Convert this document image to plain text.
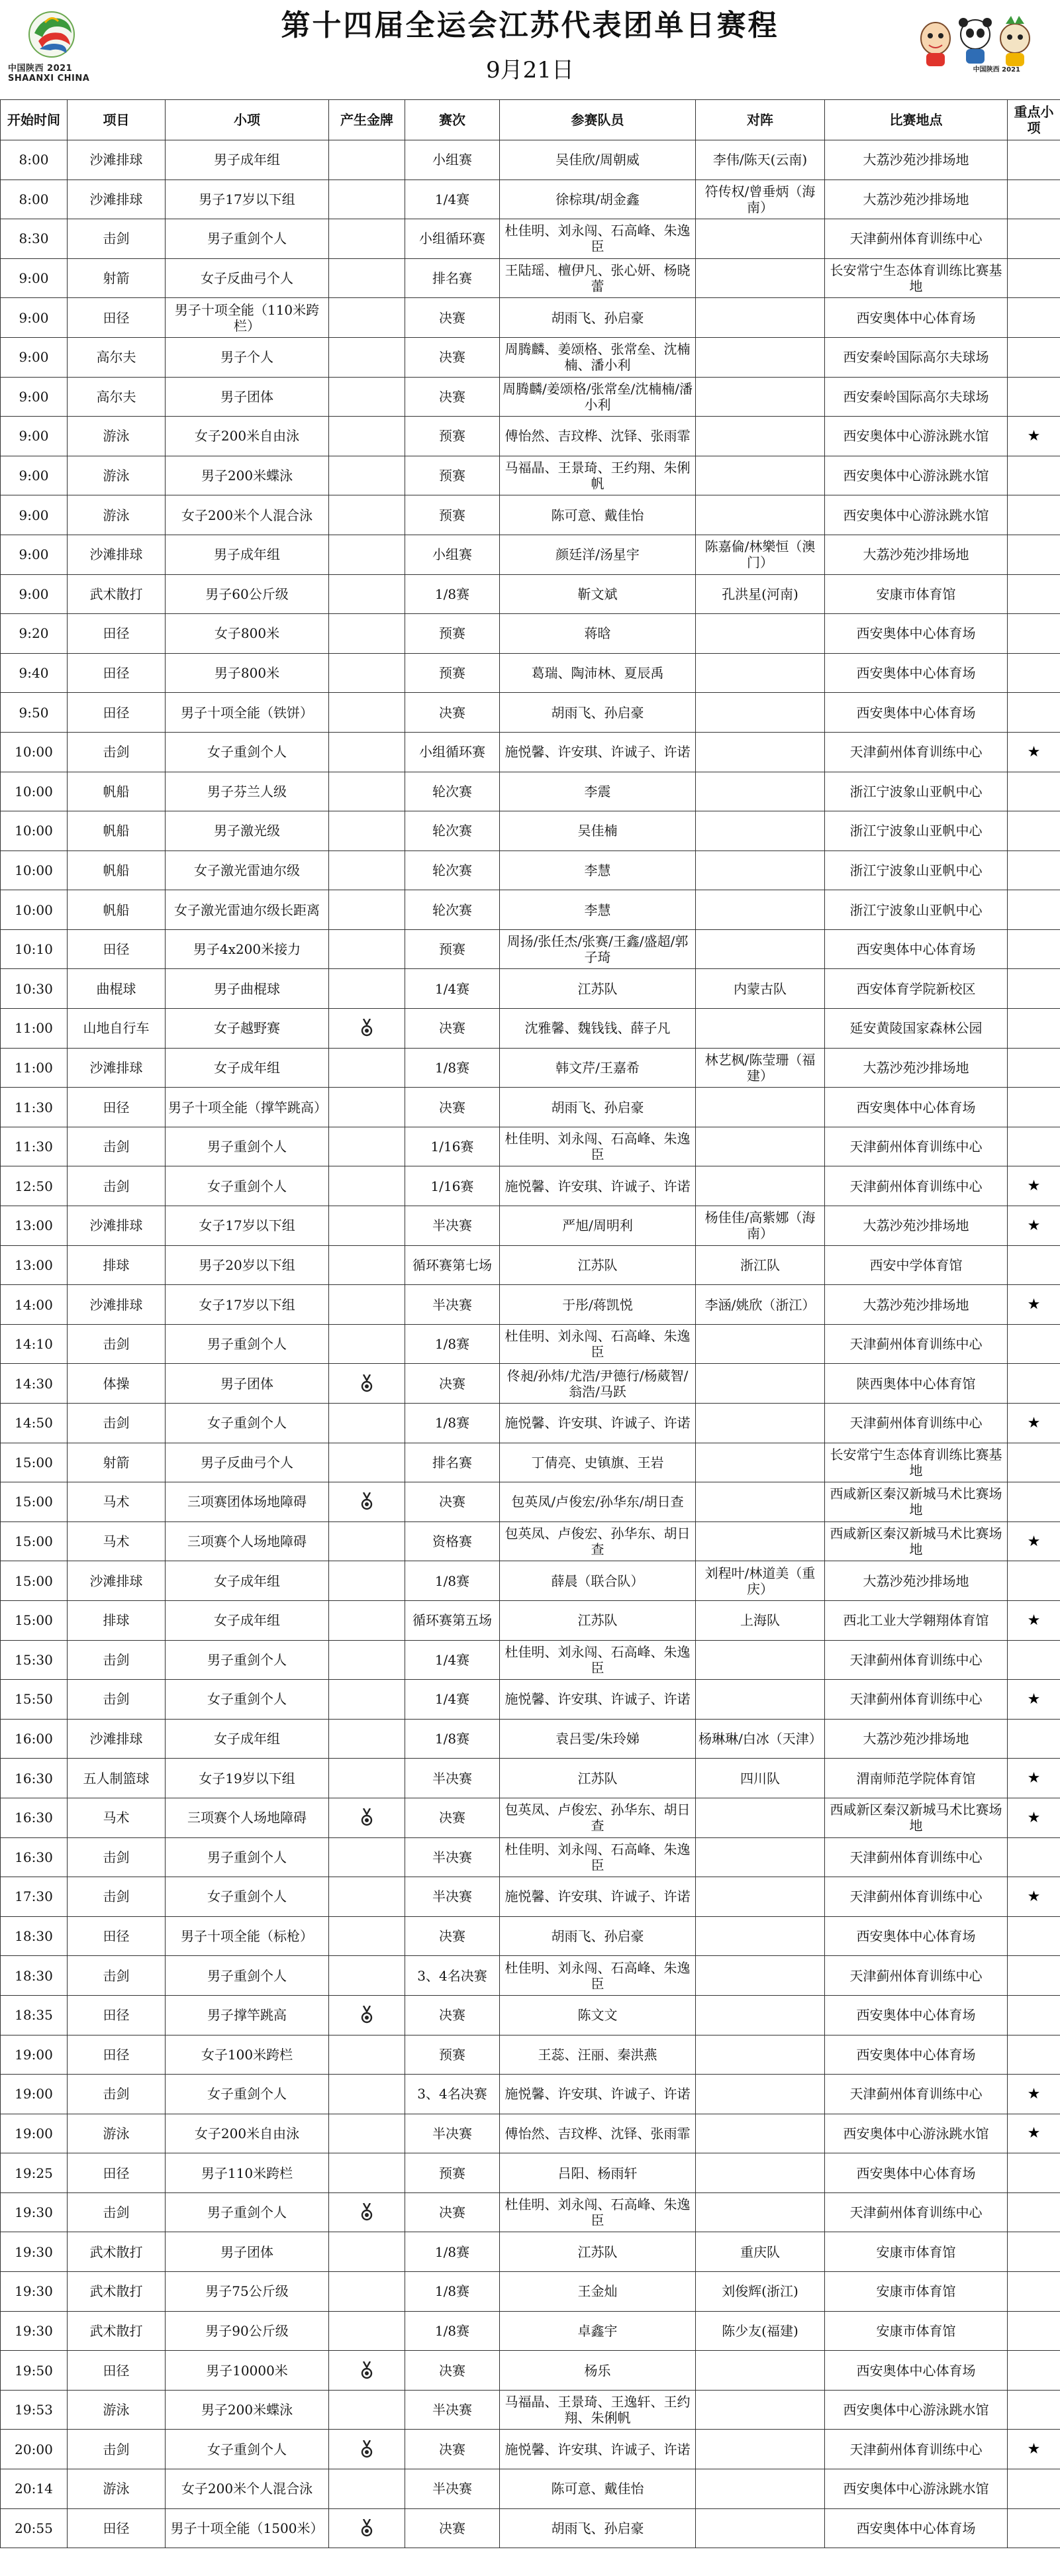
中国陕西 2021 SHAANXI CHINA
第十四届全运会江苏代表团单日赛程
9月21日	中国陕西 2021
开始时间	项目	小项	产生金牌	赛次	参赛队员	对阵	比赛地点	重点小项
8:00	沙滩排球	男子成年组		小组赛	吴佳欣/周朝威	李伟/陈天(云南)	大荔沙苑沙排场地	
8:00	沙滩排球	男子17岁以下组		1/4赛	徐棕琪/胡金鑫	符传权/曾垂炳（海南）	大荔沙苑沙排场地	
8:30	击剑	男子重剑个人		小组循环赛	杜佳明、刘永闯、石高峰、朱逸臣		天津蓟州体育训练中心	
9:00	射箭	女子反曲弓个人		排名赛	王陆瑶、檀伊凡、张心妍、杨晓蕾		长安常宁生态体育训练比赛基地	
9:00	田径	男子十项全能（110米跨栏）		决赛	胡雨飞、孙启豪		西安奥体中心体育场	
9:00	高尔夫	男子个人		决赛	周腾麟、姜颂格、张常垒、沈楠楠、潘小利		西安秦岭国际高尔夫球场	
9:00	高尔夫	男子团体		决赛	周腾麟/姜颂格/张常垒/沈楠楠/潘小利		西安秦岭国际高尔夫球场	
9:00	游泳	女子200米自由泳		预赛	傅怡然、吉玟桦、沈铎、张雨霏		西安奥体中心游泳跳水馆	★
9:00	游泳	男子200米蝶泳		预赛	马福晶、王景琦、王约翔、朱俐帆		西安奥体中心游泳跳水馆	
9:00	游泳	女子200米个人混合泳		预赛	陈可意、戴佳怡		西安奥体中心游泳跳水馆	
9:00	沙滩排球	男子成年组		小组赛	颜廷洋/汤星宇	陈嘉倫/林樂恒（澳门）	大荔沙苑沙排场地	
9:00	武术散打	男子60公斤级		1/8赛	靳文斌	孔洪星(河南)	安康市体育馆	
9:20	田径	女子800米		预赛	蒋晗		西安奥体中心体育场	
9:40	田径	男子800米		预赛	葛瑞、陶沛林、夏辰禹		西安奥体中心体育场	
9:50	田径	男子十项全能（铁饼）		决赛	胡雨飞、孙启豪		西安奥体中心体育场	
10:00	击剑	女子重剑个人		小组循环赛	施悦馨、许安琪、许诚子、许诺		天津蓟州体育训练中心	★
10:00	帆船	男子芬兰人级		轮次赛	李震		浙江宁波象山亚帆中心	
10:00	帆船	男子激光级		轮次赛	吴佳楠		浙江宁波象山亚帆中心	
10:00	帆船	女子激光雷迪尔级		轮次赛	李慧		浙江宁波象山亚帆中心	
10:00	帆船	女子激光雷迪尔级长距离		轮次赛	李慧		浙江宁波象山亚帆中心	
10:10	田径	男子4x200米接力		预赛	周扬/张任杰/张赛/王鑫/盛超/郭子琦		西安奥体中心体育场	
10:30	曲棍球	男子曲棍球		1/4赛	江苏队	内蒙古队	西安体育学院新校区	
11:00	山地自行车	女子越野赛		决赛	沈雅馨、魏钱钱、薛子凡		延安黄陵国家森林公园	
11:00	沙滩排球	女子成年组		1/8赛	韩文芹/王嘉希	林艺枫/陈莹珊（福建）	大荔沙苑沙排场地	
11:30	田径	男子十项全能（撑竿跳高）		决赛	胡雨飞、孙启豪		西安奥体中心体育场	
11:30	击剑	男子重剑个人		1/16赛	杜佳明、刘永闯、石高峰、朱逸臣		天津蓟州体育训练中心	
12:50	击剑	女子重剑个人		1/16赛	施悦馨、许安琪、许诚子、许诺		天津蓟州体育训练中心	★
13:00	沙滩排球	女子17岁以下组		半决赛	严旭/周明利	杨佳佳/高紫娜（海南）	大荔沙苑沙排场地	★
13:00	排球	男子20岁以下组		循环赛第七场	江苏队	浙江队	西安中学体育馆	
14:00	沙滩排球	女子17岁以下组		半决赛	于彤/蒋凯悦	李涵/姚欣（浙江）	大荔沙苑沙排场地	★
14:10	击剑	男子重剑个人		1/8赛	杜佳明、刘永闯、石高峰、朱逸臣		天津蓟州体育训练中心	
14:30	体操	男子团体		决赛	佟昶/孙炜/尤浩/尹德行/杨葳智/翁浩/马跃		陕西奥体中心体育馆	
14:50	击剑	女子重剑个人		1/8赛	施悦馨、许安琪、许诚子、许诺		天津蓟州体育训练中心	★
15:00	射箭	男子反曲弓个人		排名赛	丁倩亮、史镇旗、王岩		长安常宁生态体育训练比赛基地	
15:00	马术	三项赛团体场地障碍		决赛	包英凤/卢俊宏/孙华东/胡日查		西咸新区秦汉新城马术比赛场地	
15:00	马术	三项赛个人场地障碍		资格赛	包英凤、卢俊宏、孙华东、胡日查		西咸新区秦汉新城马术比赛场地	★
15:00	沙滩排球	女子成年组		1/8赛	薛晨（联合队）	刘程叶/林道美（重庆）	大荔沙苑沙排场地	
15:00	排球	女子成年组		循环赛第五场	江苏队	上海队	西北工业大学翱翔体育馆	★
15:30	击剑	男子重剑个人		1/4赛	杜佳明、刘永闯、石高峰、朱逸臣		天津蓟州体育训练中心	
15:50	击剑	女子重剑个人		1/4赛	施悦馨、许安琪、许诚子、许诺		天津蓟州体育训练中心	★
16:00	沙滩排球	女子成年组		1/8赛	袁吕雯/朱玲娣	杨琳琳/白冰（天津）	大荔沙苑沙排场地	
16:30	五人制篮球	女子19岁以下组		半决赛	江苏队	四川队	渭南师范学院体育馆	★
16:30	马术	三项赛个人场地障碍		决赛	包英凤、卢俊宏、孙华东、胡日查		西咸新区秦汉新城马术比赛场地	★
16:30	击剑	男子重剑个人		半决赛	杜佳明、刘永闯、石高峰、朱逸臣		天津蓟州体育训练中心	
17:30	击剑	女子重剑个人		半决赛	施悦馨、许安琪、许诚子、许诺		天津蓟州体育训练中心	★
18:30	田径	男子十项全能（标枪）		决赛	胡雨飞、孙启豪		西安奥体中心体育场	
18:30	击剑	男子重剑个人		3、4名决赛	杜佳明、刘永闯、石高峰、朱逸臣		天津蓟州体育训练中心	
18:35	田径	男子撑竿跳高		决赛	陈文文		西安奥体中心体育场	
19:00	田径	女子100米跨栏		预赛	王蕊、汪丽、秦洪燕		西安奥体中心体育场	
19:00	击剑	女子重剑个人		3、4名决赛	施悦馨、许安琪、许诚子、许诺		天津蓟州体育训练中心	★
19:00	游泳	女子200米自由泳		半决赛	傅怡然、吉玟桦、沈铎、张雨霏		西安奥体中心游泳跳水馆	★
19:25	田径	男子110米跨栏		预赛	吕阳、杨雨轩		西安奥体中心体育场	
19:30	击剑	男子重剑个人		决赛	杜佳明、刘永闯、石高峰、朱逸臣		天津蓟州体育训练中心	
19:30	武术散打	男子团体		1/8赛	江苏队	重庆队	安康市体育馆	
19:30	武术散打	男子75公斤级		1/8赛	王金灿	刘俊辉(浙江)	安康市体育馆	
19:30	武术散打	男子90公斤级		1/8赛	卓鑫宇	陈少友(福建)	安康市体育馆	
19:50	田径	男子10000米		决赛	杨乐		西安奥体中心体育场	
19:53	游泳	男子200米蝶泳		半决赛	马福晶、王景琦、王逸轩、王约翔、朱俐帆		西安奥体中心游泳跳水馆	
20:00	击剑	女子重剑个人		决赛	施悦馨、许安琪、许诚子、许诺		天津蓟州体育训练中心	★
20:14	游泳	女子200米个人混合泳		半决赛	陈可意、戴佳怡		西安奥体中心游泳跳水馆	
20:55	田径	男子十项全能（1500米）		决赛	胡雨飞、孙启豪		西安奥体中心体育场	
